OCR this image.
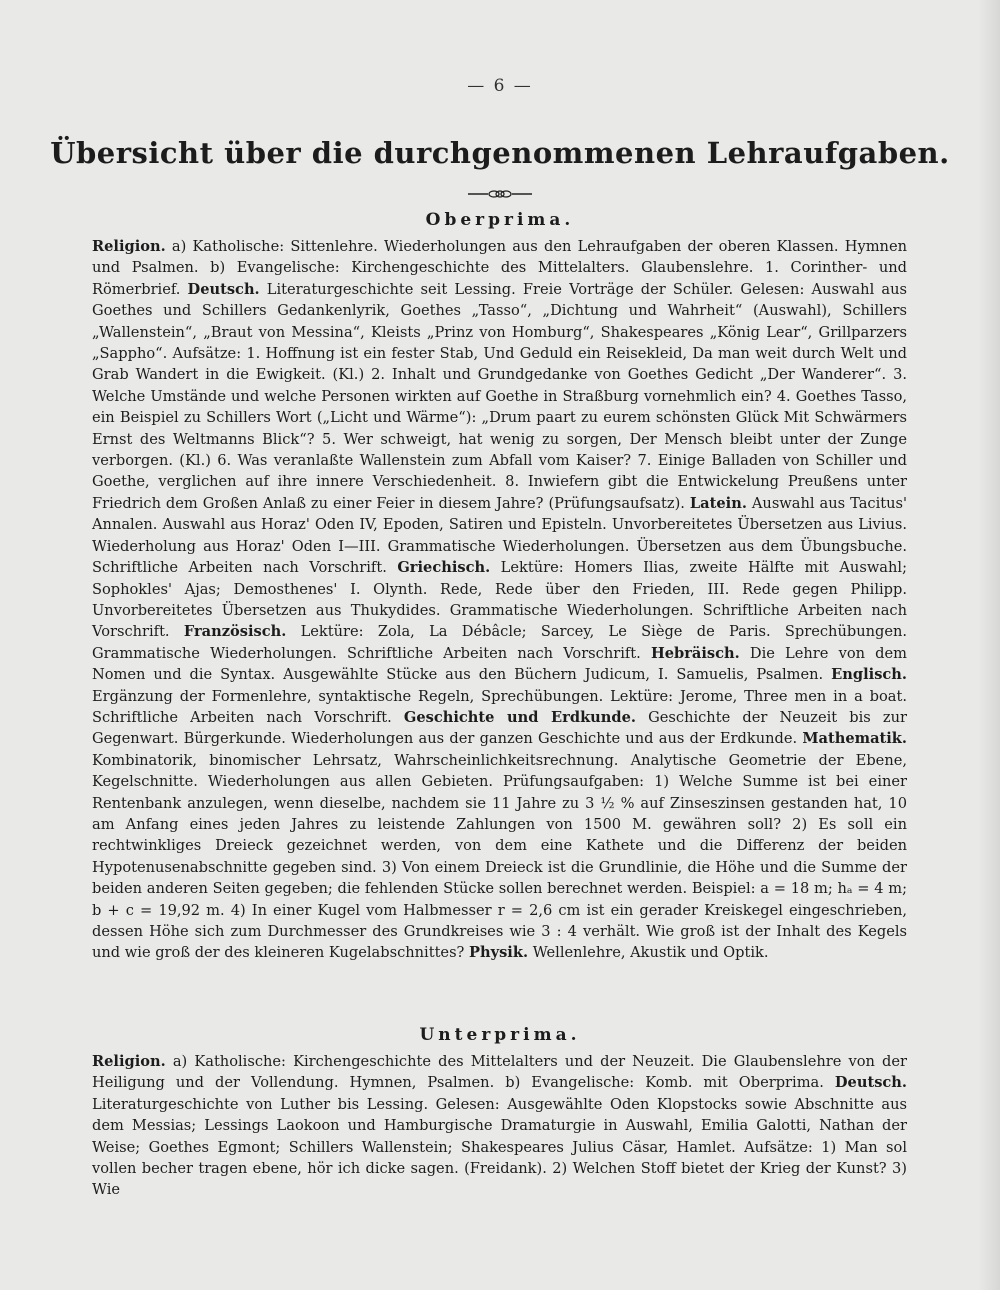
— 6 —
Übersicht über die durchgenommenen Lehraufgaben.
Oberprima.

Religion. a) Katholische: Sittenlehre. Wiederholungen aus den Lehraufgaben der oberen Klassen. Hymnen und Psalmen. b) Evangelische: Kirchengeschichte des Mittelalters. Glaubenslehre. 1. Corinther- und Römerbrief. Deutsch. Literaturgeschichte seit Lessing. Freie Vorträge der Schüler. Gelesen: Auswahl aus Goethes und Schillers Gedankenlyrik, Goethes „Tasso“, „Dichtung und Wahrheit“ (Auswahl), Schillers „Wallenstein“, „Braut von Messina“, Kleists „Prinz von Homburg“, Shakespeares „König Lear“, Grillparzers „Sappho“. Aufsätze: 1. Hoffnung ist ein fester Stab, Und Geduld ein Reisekleid, Da man weit durch Welt und Grab Wandert in die Ewigkeit. (Kl.) 2. Inhalt und Grundgedanke von Goethes Gedicht „Der Wanderer“. 3. Welche Umstände und welche Personen wirkten auf Goethe in Straßburg vornehmlich ein? 4. Goethes Tasso, ein Beispiel zu Schillers Wort („Licht und Wärme“): „Drum paart zu eurem schönsten Glück Mit Schwärmers Ernst des Weltmanns Blick“? 5. Wer schweigt, hat wenig zu sorgen, Der Mensch bleibt unter der Zunge verborgen. (Kl.) 6. Was veranlaßte Wallenstein zum Abfall vom Kaiser? 7. Einige Balladen von Schiller und Goethe, verglichen auf ihre innere Verschiedenheit. 8. Inwiefern gibt die Entwickelung Preußens unter Friedrich dem Großen Anlaß zu einer Feier in diesem Jahre? (Prüfungsaufsatz). Latein. Auswahl aus Tacitus' Annalen. Auswahl aus Horaz' Oden IV, Epoden, Satiren und Episteln. Unvorbereitetes Übersetzen aus Livius. Wiederholung aus Horaz' Oden I—III. Grammatische Wiederholungen. Übersetzen aus dem Übungsbuche. Schriftliche Arbeiten nach Vorschrift. Griechisch. Lektüre: Homers Ilias, zweite Hälfte mit Auswahl; Sophokles' Ajas; Demosthenes' I. Olynth. Rede, Rede über den Frieden, III. Rede gegen Philipp. Unvorbereitetes Übersetzen aus Thukydides. Grammatische Wiederholungen. Schriftliche Arbeiten nach Vorschrift. Französisch. Lektüre: Zola, La Débâcle; Sarcey, Le Siège de Paris. Sprechübungen. Grammatische Wiederholungen. Schriftliche Arbeiten nach Vorschrift. Hebräisch. Die Lehre von dem Nomen und die Syntax. Ausgewählte Stücke aus den Büchern Judicum, I. Samuelis, Psalmen. Englisch. Ergänzung der Formenlehre, syntaktische Regeln, Sprechübungen. Lektüre: Jerome, Three men in a boat. Schriftliche Arbeiten nach Vorschrift. Geschichte und Erdkunde. Geschichte der Neuzeit bis zur Gegenwart. Bürgerkunde. Wiederholungen aus der ganzen Geschichte und aus der Erdkunde. Mathematik. Kombinatorik, binomischer Lehrsatz, Wahrscheinlichkeitsrechnung. Analytische Geometrie der Ebene, Kegelschnitte. Wiederholungen aus allen Gebieten. Prüfungsaufgaben: 1) Welche Summe ist bei einer Rentenbank anzulegen, wenn dieselbe, nachdem sie 11 Jahre zu 3 ½ % auf Zinseszinsen gestanden hat, 10 am Anfang eines jeden Jahres zu leistende Zahlungen von 1500 M. gewähren soll? 2) Es soll ein rechtwinkliges Dreieck gezeichnet werden, von dem eine Kathete und die Differenz der beiden Hypotenusenabschnitte gegeben sind. 3) Von einem Dreieck ist die Grundlinie, die Höhe und die Summe der beiden anderen Seiten gegeben; die fehlenden Stücke sollen berechnet werden. Beispiel: a = 18 m; hₐ = 4 m; b + c = 19,92 m. 4) In einer Kugel vom Halbmesser r = 2,6 cm ist ein gerader Kreiskegel eingeschrieben, dessen Höhe sich zum Durchmesser des Grundkreises wie 3 : 4 verhält. Wie groß ist der Inhalt des Kegels und wie groß der des kleineren Kugelabschnittes? Physik. Wellenlehre, Akustik und Optik.

Unterprima.

Religion. a) Katholische: Kirchengeschichte des Mittelalters und der Neuzeit. Die Glaubenslehre von der Heiligung und der Vollendung. Hymnen, Psalmen. b) Evangelische: Komb. mit Oberprima. Deutsch. Literaturgeschichte von Luther bis Lessing. Gelesen: Ausgewählte Oden Klopstocks sowie Abschnitte aus dem Messias; Lessings Laokoon und Hamburgische Dramaturgie in Auswahl, Emilia Galotti, Nathan der Weise; Goethes Egmont; Schillers Wallenstein; Shakespeares Julius Cäsar, Hamlet. Aufsätze: 1) Man sol vollen becher tragen ebene, hör ich dicke sagen. (Freidank). 2) Welchen Stoff bietet der Krieg der Kunst? 3) Wie
